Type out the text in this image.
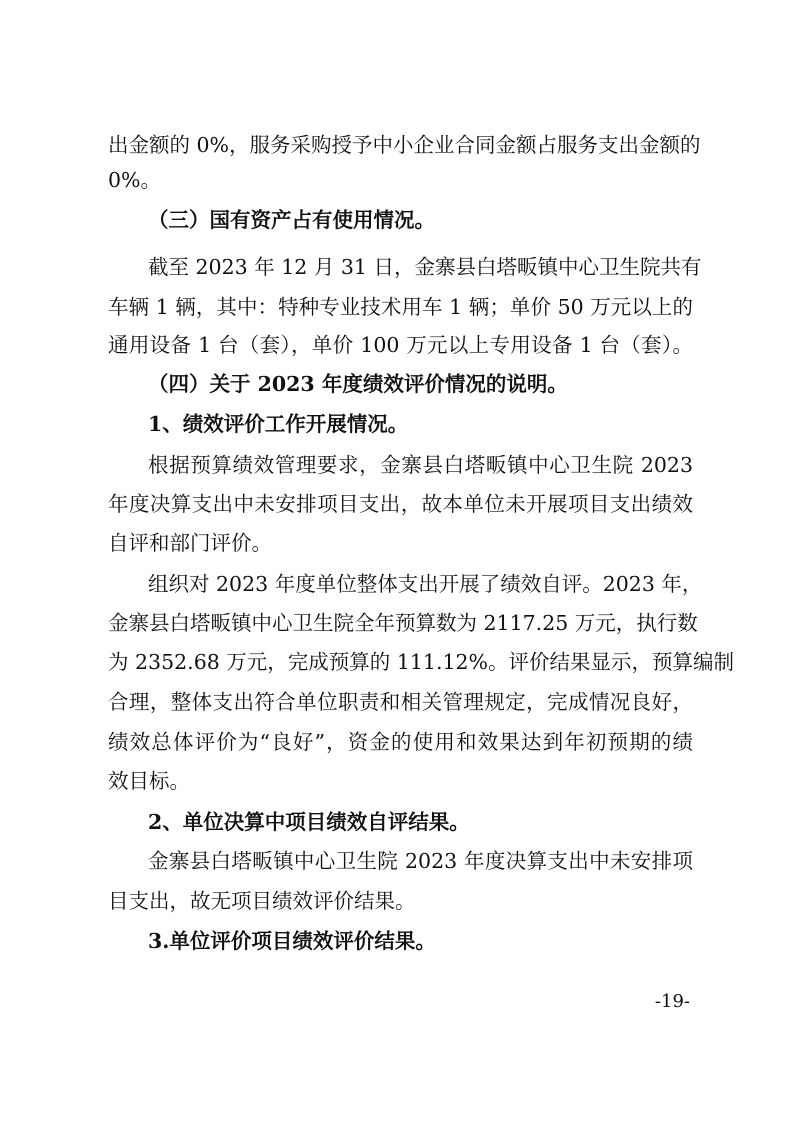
出金额的 0%，服务采购授予中小企业合同金额占服务支出金额的
0%。
（三）国有资产占有使用情况。
截至 2023 年 12 月 31 日，金寨县白塔畈镇中心卫生院共有
车辆 1 辆，其中：特种专业技术用车 1 辆；单价 50 万元以上的
通用设备 1 台（套），单价 100 万元以上专用设备 1 台（套）。
（四）关于 2023 年度绩效评价情况的说明。
1、绩效评价工作开展情况。
根据预算绩效管理要求，金寨县白塔畈镇中心卫生院 2023
年度决算支出中未安排项目支出，故本单位未开展项目支出绩效
自评和部门评价。
组织对 2023 年度单位整体支出开展了绩效自评。2023 年，
金寨县白塔畈镇中心卫生院全年预算数为 2117.25 万元，执行数
为 2352.68 万元，完成预算的 111.12%。评价结果显示，预算编制
合理，整体支出符合单位职责和相关管理规定，完成情况良好，
绩效总体评价为“良好”，资金的使用和效果达到年初预期的绩
效目标。
2、单位决算中项目绩效自评结果。
金寨县白塔畈镇中心卫生院 2023 年度决算支出中未安排项
目支出，故无项目绩效评价结果。
3.单位评价项目绩效评价结果。
-19-
